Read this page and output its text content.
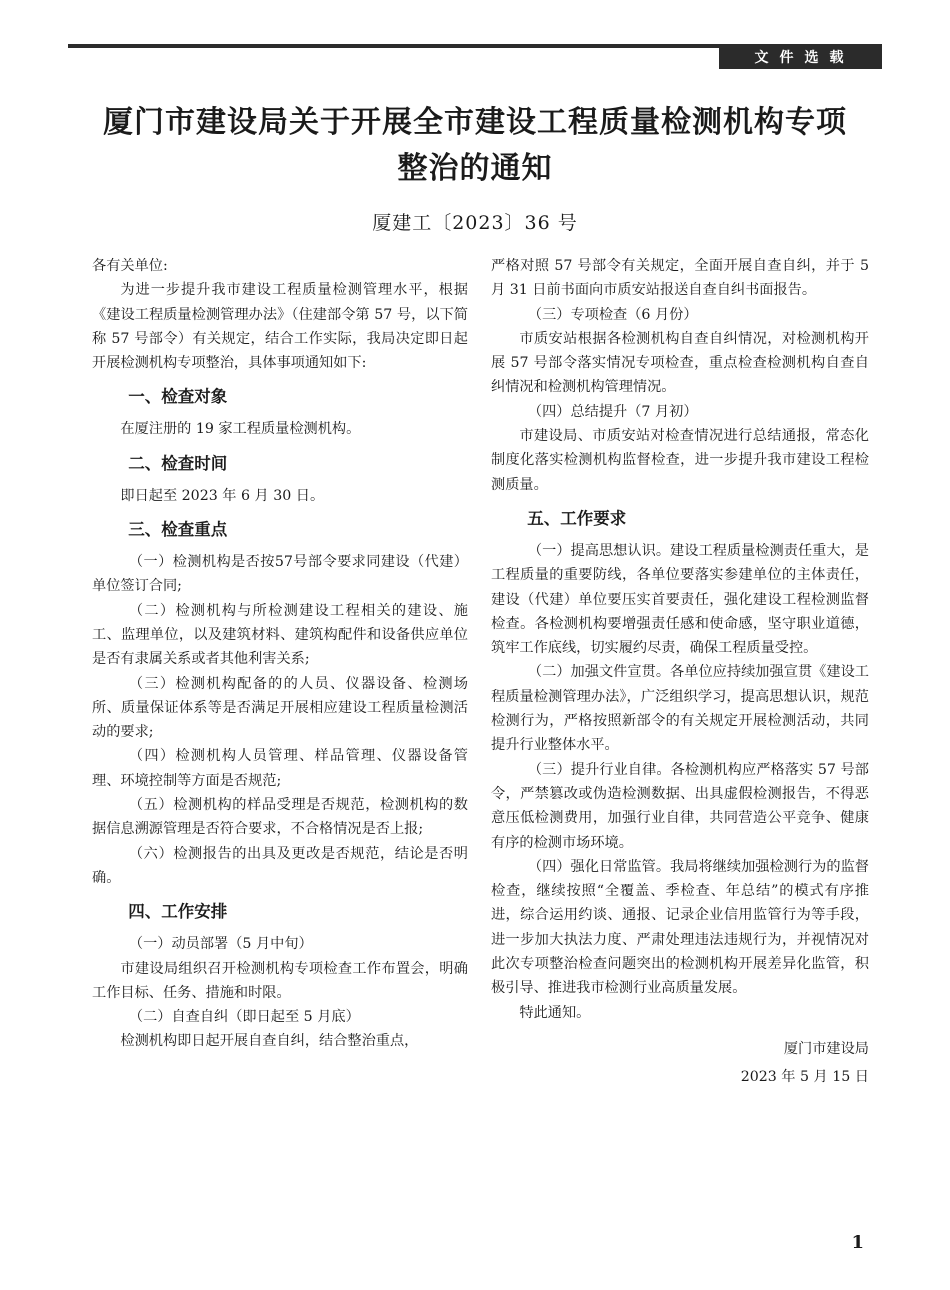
文件选载
厦门市建设局关于开展全市建设工程质量检测机构专项整治的通知
厦建工〔2023〕36 号

各有关单位:

为进一步提升我市建设工程质量检测管理水平，根据《建设工程质量检测管理办法》（住建部令第 57 号，以下简称 57 号部令）有关规定，结合工作实际，我局决定即日起开展检测机构专项整治，具体事项通知如下:

一、检查对象

在厦注册的 19 家工程质量检测机构。

二、检查时间

即日起至 2023 年 6 月 30 日。

三、检查重点

（一）检测机构是否按57号部令要求同建设（代建）单位签订合同;

（二）检测机构与所检测建设工程相关的建设、施工、监理单位，以及建筑材料、建筑构配件和设备供应单位是否有隶属关系或者其他利害关系;

（三）检测机构配备的的人员、仪器设备、检测场所、质量保证体系等是否满足开展相应建设工程质量检测活动的要求;

（四）检测机构人员管理、样品管理、仪器设备管理、环境控制等方面是否规范;

（五）检测机构的样品受理是否规范，检测机构的数据信息溯源管理是否符合要求，不合格情况是否上报;

（六）检测报告的出具及更改是否规范，结论是否明确。

四、工作安排

（一）动员部署（5 月中旬）

市建设局组织召开检测机构专项检查工作布置会，明确工作目标、任务、措施和时限。

（二）自查自纠（即日起至 5 月底）

检测机构即日起开展自查自纠，结合整治重点，

严格对照 57 号部令有关规定，全面开展自查自纠，并于 5 月 31 日前书面向市质安站报送自查自纠书面报告。

（三）专项检查（6 月份）

市质安站根据各检测机构自查自纠情况，对检测机构开展 57 号部令落实情况专项检查，重点检查检测机构自查自纠情况和检测机构管理情况。

（四）总结提升（7 月初）

市建设局、市质安站对检查情况进行总结通报，常态化制度化落实检测机构监督检查，进一步提升我市建设工程检测质量。

五、工作要求

（一）提高思想认识。建设工程质量检测责任重大，是工程质量的重要防线，各单位要落实参建单位的主体责任，建设（代建）单位要压实首要责任，强化建设工程检测监督检查。各检测机构要增强责任感和使命感，坚守职业道德，筑牢工作底线，切实履约尽责，确保工程质量受控。

（二）加强文件宣贯。各单位应持续加强宣贯《建设工程质量检测管理办法》，广泛组织学习，提高思想认识，规范检测行为，严格按照新部令的有关规定开展检测活动，共同提升行业整体水平。

（三）提升行业自律。各检测机构应严格落实 57 号部令，严禁篡改或伪造检测数据、出具虚假检测报告，不得恶意压低检测费用，加强行业自律，共同营造公平竞争、健康有序的检测市场环境。

（四）强化日常监管。我局将继续加强检测行为的监督检查，继续按照“全覆盖、季检查、年总结”的模式有序推进，综合运用约谈、通报、记录企业信用监管行为等手段，进一步加大执法力度、严肃处理违法违规行为，并视情况对此次专项整治检查问题突出的检测机构开展差异化监管，积极引导、推进我市检测行业高质量发展。

特此通知。

厦门市建设局

2023 年 5 月 15 日

1
